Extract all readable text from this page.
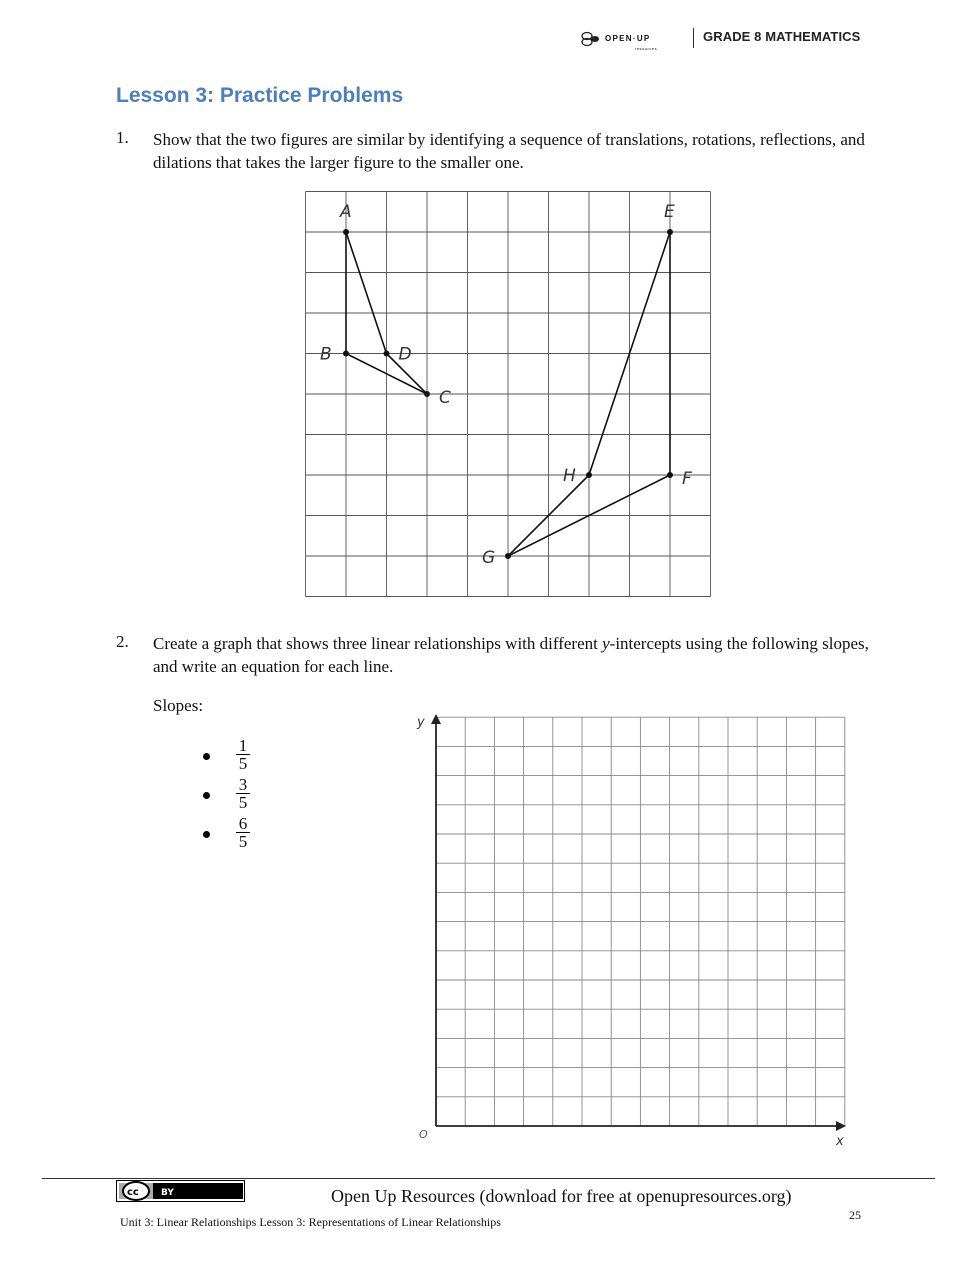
OPEN·UP
resources
GRADE 8 MATHEMATICS
Lesson 3: Practice Problems
1. Show that the two figures are similar by identifying a sequence of translations, rotations, reflections, and dilations that takes the larger figure to the smaller one.
A
B	D
C
E
F
H
G
2. Create a graph that shows three linear relationships with different y-intercepts using the following slopes, and write an equation for each line.
Slopes:
$\frac{1}{5}$
$\frac{3}{5}$
$\frac{6}{5}$
x
y
O
cc BY	Open Up Resources (download for free at openupresources.org)
25
Unit 3: Linear Relationships Lesson 3: Representations of Linear Relationships
